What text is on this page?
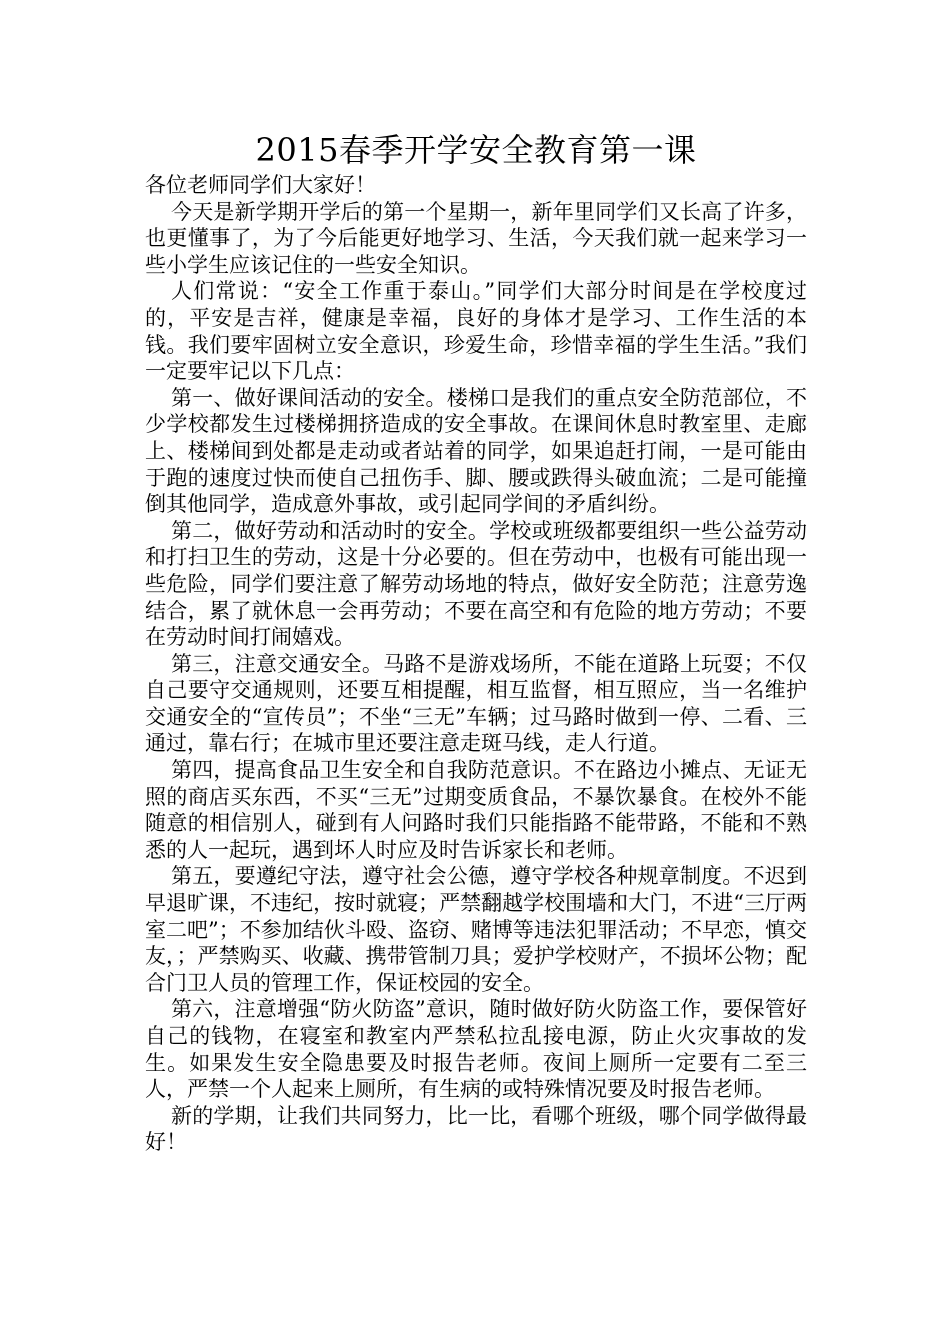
2015春季开学安全教育第一课

各位老师同学们大家好！

今天是新学期开学后的第一个星期一，新年里同学们又长高了许多，也更懂事了，为了今后能更好地学习、生活，今天我们就一起来学习一些小学生应该记住的一些安全知识。

人们常说：“安全工作重于泰山。”同学们大部分时间是在学校度过的，平安是吉祥，健康是幸福，良好的身体才是学习、工作生活的本钱。我们要牢固树立安全意识，珍爱生命，珍惜幸福的学生生活。”我们一定要牢记以下几点：

第一、做好课间活动的安全。楼梯口是我们的重点安全防范部位，不少学校都发生过楼梯拥挤造成的安全事故。在课间休息时教室里、走廊上、楼梯间到处都是走动或者站着的同学，如果追赶打闹，一是可能由于跑的速度过快而使自己扭伤手、脚、腰或跌得头破血流；二是可能撞倒其他同学，造成意外事故，或引起同学间的矛盾纠纷。

第二，做好劳动和活动时的安全。学校或班级都要组织一些公益劳动和打扫卫生的劳动，这是十分必要的。但在劳动中，也极有可能出现一些危险，同学们要注意了解劳动场地的特点，做好安全防范；注意劳逸结合，累了就休息一会再劳动；不要在高空和有危险的地方劳动；不要在劳动时间打闹嬉戏。

第三，注意交通安全。马路不是游戏场所，不能在道路上玩耍；不仅自己要守交通规则，还要互相提醒，相互监督，相互照应，当一名维护交通安全的“宣传员”；不坐“三无”车辆；过马路时做到一停、二看、三通过，靠右行；在城市里还要注意走斑马线，走人行道。

第四，提高食品卫生安全和自我防范意识。不在路边小摊点、无证无照的商店买东西，不买“三无”过期变质食品，不暴饮暴食。在校外不能随意的相信别人，碰到有人问路时我们只能指路不能带路，不能和不熟悉的人一起玩，遇到坏人时应及时告诉家长和老师。

第五，要遵纪守法，遵守社会公德，遵守学校各种规章制度。不迟到早退旷课，不违纪，按时就寝；严禁翻越学校围墙和大门，不进“三厅两室二吧”；不参加结伙斗殴、盗窃、赌博等违法犯罪活动；不早恋，慎交友，；严禁购买、收藏、携带管制刀具；爱护学校财产，不损坏公物；配合门卫人员的管理工作，保证校园的安全。

第六，注意增强“防火防盗”意识，随时做好防火防盗工作，要保管好自己的钱物，在寝室和教室内严禁私拉乱接电源，防止火灾事故的发生。如果发生安全隐患要及时报告老师。夜间上厕所一定要有二至三人，严禁一个人起来上厕所，有生病的或特殊情况要及时报告老师。

新的学期，让我们共同努力，比一比，看哪个班级，哪个同学做得最好！
